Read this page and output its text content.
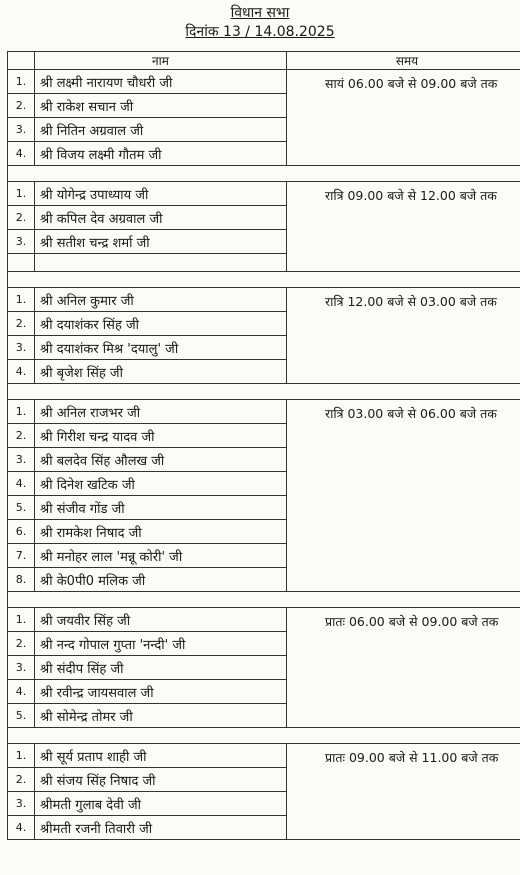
विधान सभा
दिनांक 13 / 14.08.2025
	नाम	समय
1.	श्री लक्ष्मी नारायण चौधरी जी	सायं 06.00 बजे से 09.00 बजे तक
2.	श्री राकेश सचान जी	
3.	श्री नितिन अग्रवाल जी	
4.	श्री विजय लक्ष्मी गौतम जी	

1.	श्री योगेन्द्र उपाध्याय जी	रात्रि 09.00 बजे से 12.00 बजे तक
2.	श्री कपिल देव अग्रवाल जी	
3.	श्री सतीश चन्द्र शर्मा जी	

1.	श्री अनिल कुमार जी	रात्रि 12.00 बजे से 03.00 बजे तक
2.	श्री दयाशंकर सिंह जी	
3.	श्री दयाशंकर मिश्र 'दयालु' जी	
4.	श्री बृजेश सिंह जी	

1.	श्री अनिल राजभर जी	रात्रि 03.00 बजे से 06.00 बजे तक
2.	श्री गिरीश चन्द्र यादव जी	
3.	श्री बलदेव सिंह औलख जी	
4.	श्री दिनेश खटिक जी	
5.	श्री संजीव गोंड जी	
6.	श्री रामकेश निषाद जी	
7.	श्री मनोहर लाल 'मन्नू कोरी' जी	
8.	श्री के0पी0 मलिक जी	

1.	श्री जयवीर सिंह जी	प्रातः 06.00 बजे से 09.00 बजे तक
2.	श्री नन्द गोपाल गुप्ता 'नन्दी' जी	
3.	श्री संदीप सिंह जी	
4.	श्री रवीन्द्र जायसवाल जी	
5.	श्री सोमेन्द्र तोमर जी	

1.	श्री सूर्य प्रताप शाही जी	प्रातः 09.00 बजे से 11.00 बजे तक
2.	श्री संजय सिंह निषाद जी	
3.	श्रीमती गुलाब देवी जी	
4.	श्रीमती रजनी तिवारी जी	
